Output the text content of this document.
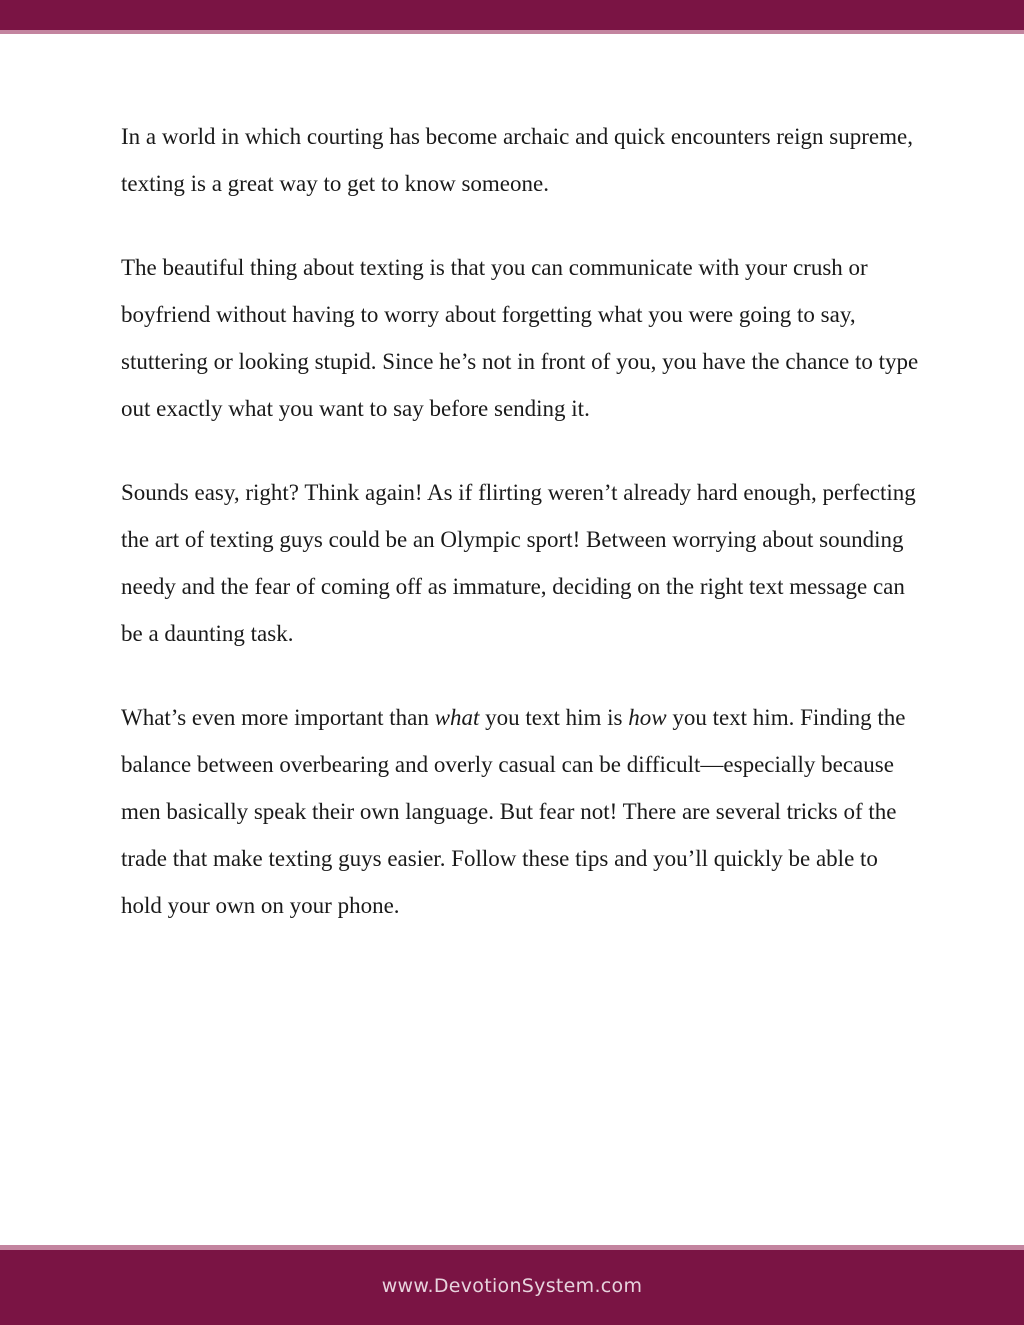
In a world in which courting has become archaic and quick encounters reign supreme, texting is a great way to get to know someone.

The beautiful thing about texting is that you can communicate with your crush or boyfriend without having to worry about forgetting what you were going to say, stuttering or looking stupid. Since he’s not in front of you, you have the chance to type out exactly what you want to say before sending it.

Sounds easy, right? Think again! As if flirting weren’t already hard enough, perfecting the art of texting guys could be an Olympic sport! Between worrying about sounding needy and the fear of coming off as immature, deciding on the right text message can be a daunting task.

What’s even more important than what you text him is how you text him. Finding the balance between overbearing and overly casual can be difficult—especially because men basically speak their own language. But fear not! There are several tricks of the trade that make texting guys easier. Follow these tips and you’ll quickly be able to hold your own on your phone.

www.DevotionSystem.com
